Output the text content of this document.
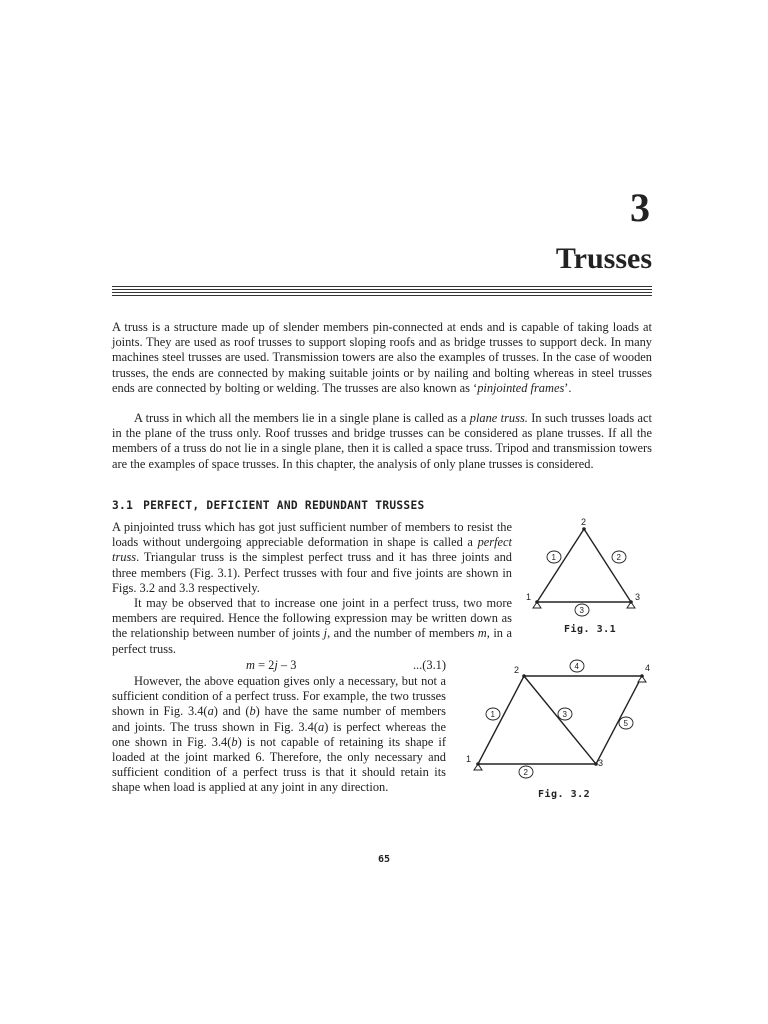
3
Trusses

A truss is a structure made up of slender members pin-connected at ends and is capable of taking loads at joints. They are used as roof trusses to support sloping roofs and as bridge trusses to support deck. In many machines steel trusses are used. Transmission towers are also the examples of trusses. In the case of wooden trusses, the ends are connected by making suitable joints or by nailing and bolting whereas in steel trusses ends are connected by bolting or welding. The trusses are also known as ‘pinjointed frames’.

A truss in which all the members lie in a single plane is called as a plane truss. In such trusses loads act in the plane of the truss only. Roof trusses and bridge trusses can be considered as plane trusses. If all the members of a truss do not lie in a single plane, then it is called a space truss. Tripod and transmission towers are the examples of space trusses. In this chapter, the analysis of only plane trusses is considered.

3.1 PERFECT, DEFICIENT AND REDUNDANT TRUSSES

A pinjointed truss which has got just sufficient number of members to resist the loads without undergoing appreciable deformation in shape is called a perfect truss. Triangular truss is the simplest perfect truss and it has three joints and three members (Fig. 3.1). Perfect trusses with four and five joints are shown in Figs. 3.2 and 3.3 respectively.

It may be observed that to increase one joint in a perfect truss, two more members are required. Hence the following expression may be written down as the relationship between number of joints j, and the number of members m, in a perfect truss.

m = 2j – 3	...(3.1)

However, the above equation gives only a necessary, but not a sufficient condition of a perfect truss. For example, the two trusses shown in Fig. 3.4(a) and (b) have the same number of members and joints. The truss shown in Fig. 3.4(a) is perfect whereas the one shown in Fig. 3.4(b) is not capable of retaining its shape if loaded at the joint marked 6. Therefore, the only necessary and sufficient condition of a perfect truss is that it should retain its shape when load is applied at any joint in any direction.

2
1	3
1	2
3
Fig. 3.1
1
2
3
4
1
2
3
4
5
Fig. 3.2
65
